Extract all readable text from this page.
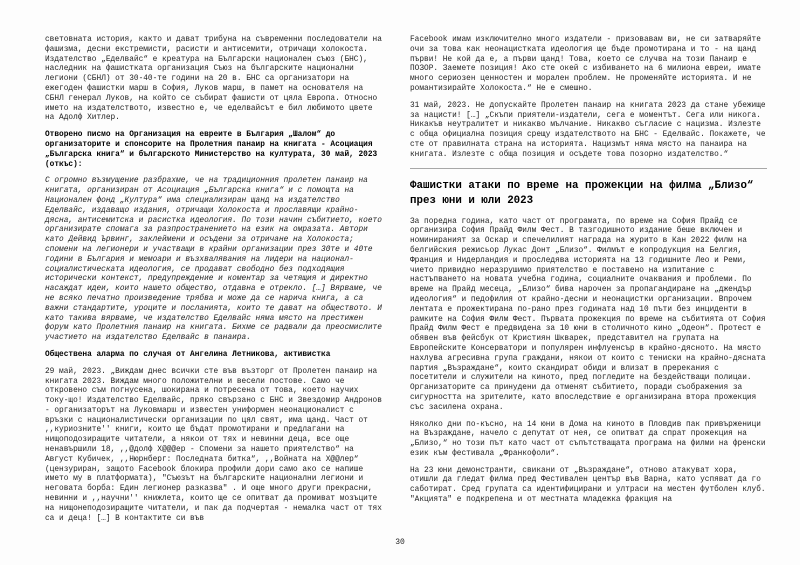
световната история, както и дават трибуна на съвременни последователи на фашизма, десни екстремисти, расисти и антисемити, отричащи холокоста. Издателство „Еделвайс“ е креатура на Български национален съюз (БНС), наследник на фашистката организация Съюз на българските национални легиони (СБНЛ) от 30-40-те години на 20 в. БНС са организатори на ежегоден фашистки марш в София, Луков марш, в памет на основателя на СБНЛ генерал Луков, на който се събират фашисти от цяла Европа. Относно името на издателството, известно е, че еделвайсът е бил любимото цвете на Адолф Хитлер.

Отворено писмо на Организация на евреите в България „Шалом“ до организаторите и спонсорите на Пролетния панаир на книгата - Асоциация „Българска книга“ и българското Министерство на културата, 30 май, 2023 (откъс):

С огромно възмущение разбрахме, че на традиционния пролетен панаир на книгата, организиран от Асоциация „Българска книга“ и с помощта на Национален фонд „Култура“ има специализиран щанд на издателство Еделвайс, издаващо издания, отричащи Холокоста и прославящи крайно-дясна, антисемитска и расистка идеология. По този начин събитието, което организирате спомага за разпространението на език на омразата. Автори като Дейвид Ървинг, заклеймени и осъдени за отричане на Холокоста; спомени на легионери и участващи в крайни организации през 30те и 40те години в България и мемоари и възхвалявания на лидери на национал-социалистическата идеология, се продават свободно без подходящия исторически контекст, предупреждение и коментар за четящия и директно насаждат идеи, които нашето общество, отдавна е отрекло. […] Вярваме, че не всяко печатно произведение трябва и може да се нарича книга, а са важни стандартите, уроците и посланията, които те дават на обществото. И като такива вярваме, че издателство Еделвайс няма място на престижен форум като Пролетния панаир на книгата. Бихме се радвали да преосмислите участието на издателство Еделвайс в панаира.

Обществена аларма по случая от Ангелина Летникова, активистка

29 май, 2023. „Виждам днес всички сте във възторг от Пролетен панаир на книгата 2023. Виждам много положителни и весели постове. Само че откровено съм погнусена, шокирана и потресена от това, което научих току-що! Издателство Еделвайс, пряко свързано с БНС и Звездомир Андронов - организаторът на Луковмарш и известен униформен неонационалист с връзки с националистически организации по цял свят, има щанд. Част от ,,куриозните'' книги, които ще бъдат промотирани и предлагани на нищоподозиращите читатели, а някои от тях и невинни деца, все още ненавършили 18, ,,@долф Х@@@ер - Спомени за нашето приятелство“ на Август Кубичек, ,,Нюрнберг: Последната битка“, ,,Войната на Х@@лер“ (цензуриран, защото Facebook блокира профили дори само ако се напише името му в платформата), "Съюзът на българските национални легиони и неговата борба: Един легионер разказва" . И още много други прекрасни, невинни и ,,научни'' книжлета, които ще се опитват да промиват мозъците на нищонеподозиращите читатели, и пак да подчертая - немалка част от тях са и деца! […] В контактите си във

Facebook имам изключително много издатели - призовавам ви, не си затваряйте очи за това как неонацистката идеология ще бъде промотирана и то - на щанд първи! Не кой да е, а първи щанд! Това, което се случва на този Панаир е ПОЗОР. Заемете позиция! Ако сте окей с избиването на 6 милиона евреи, имате много сериозен ценностен и морален проблем. Не променяйте историята. И не романтизирайте Холокоста.“ Не е смешно.

31 май, 2023. Не допускайте Пролетен панаир на книгата 2023 да стане убежище за нацисти! […] „Скъпи приятели-издатели, сега е моментът. Сега или никога. Никакъв неутралитет и никакво мълчание. Никакво съгласие с нацизма. Излезте с обща официална позиция срещу издателството на БНС - Еделвайс. Покажете, че сте от правилната страна на историята. Нацизмът няма място на панаира на книгата. Излезте с обща позиция и осъдете това позорно издателство.“

Фашистки атаки по време на прожекции на филма „Близо“ през юни и юли 2023

За поредна година, като част от програмата, по време на София Прайд се организира София Прайд Филм Фест. В тазгодишното издание беше включен и номинираният за Оскар и спечелилият награда на журито в Кан 2022 филм на белгийския режисьор Лукас Донт „Близо“. Филмът е копродукция на Белгия, Франция и Нидерландия и проследява историята на 13 годишните Лео и Реми, чието привидно неразрушимо приятелство е поставено на изпитание с настъпването на новата учебна година, социалните очаквания и проблеми. По време на Прайд месеца, „Близо“ бива нарочен за пропагандиране на „джендър идеология“ и педофилия от крайно-десни и неонацистки организации. Впрочем лентата е прожектирана по-рано през годината над 10 пъти без инциденти в рамките на София Филм Фест. Първата прожекция по време на събитията от София Прайд Филм Фест е предвидена за 10 юни в столичното кино „Одеон“. Протест е обявен във фейсбук от Кристиян Шкварек, представител на групата на Европейските Консерватори и популярен инфлуенсър в крайно-дясното. На място нахлува агресивна група граждани, някои от които с тениски на крайно-дясната партия „Възраждане“, които скандират обиди и влизат в пререкания с посетители и служители на киното, пред погледите на бездействащи полицаи. Организаторите са принудени да отменят събитието, поради съображения за сигурността на зрителите, като впоследствие е организирана втора прожекция със засилена охрана.

Няколко дни по-късно, на 14 юни в Дома на киното в Пловдив пак привърженици на Възраждане, начело с депутат от нея, се опитват да спрат прожекция на „Близо,“ но този път като част от съпътстващата програма на филми на френски език към фестивала „Франкофоли“.

На 23 юни демонстранти, свикани от „Възраждане“, отново атакуват хора, отишли да гледат филма пред Фестивален център във Варна, като успяват да го саботират. Сред групата са идентифицирани и ултраси на местен футболен клуб. "Акцията" е подкрепена и от местната младежка фракция на

30
